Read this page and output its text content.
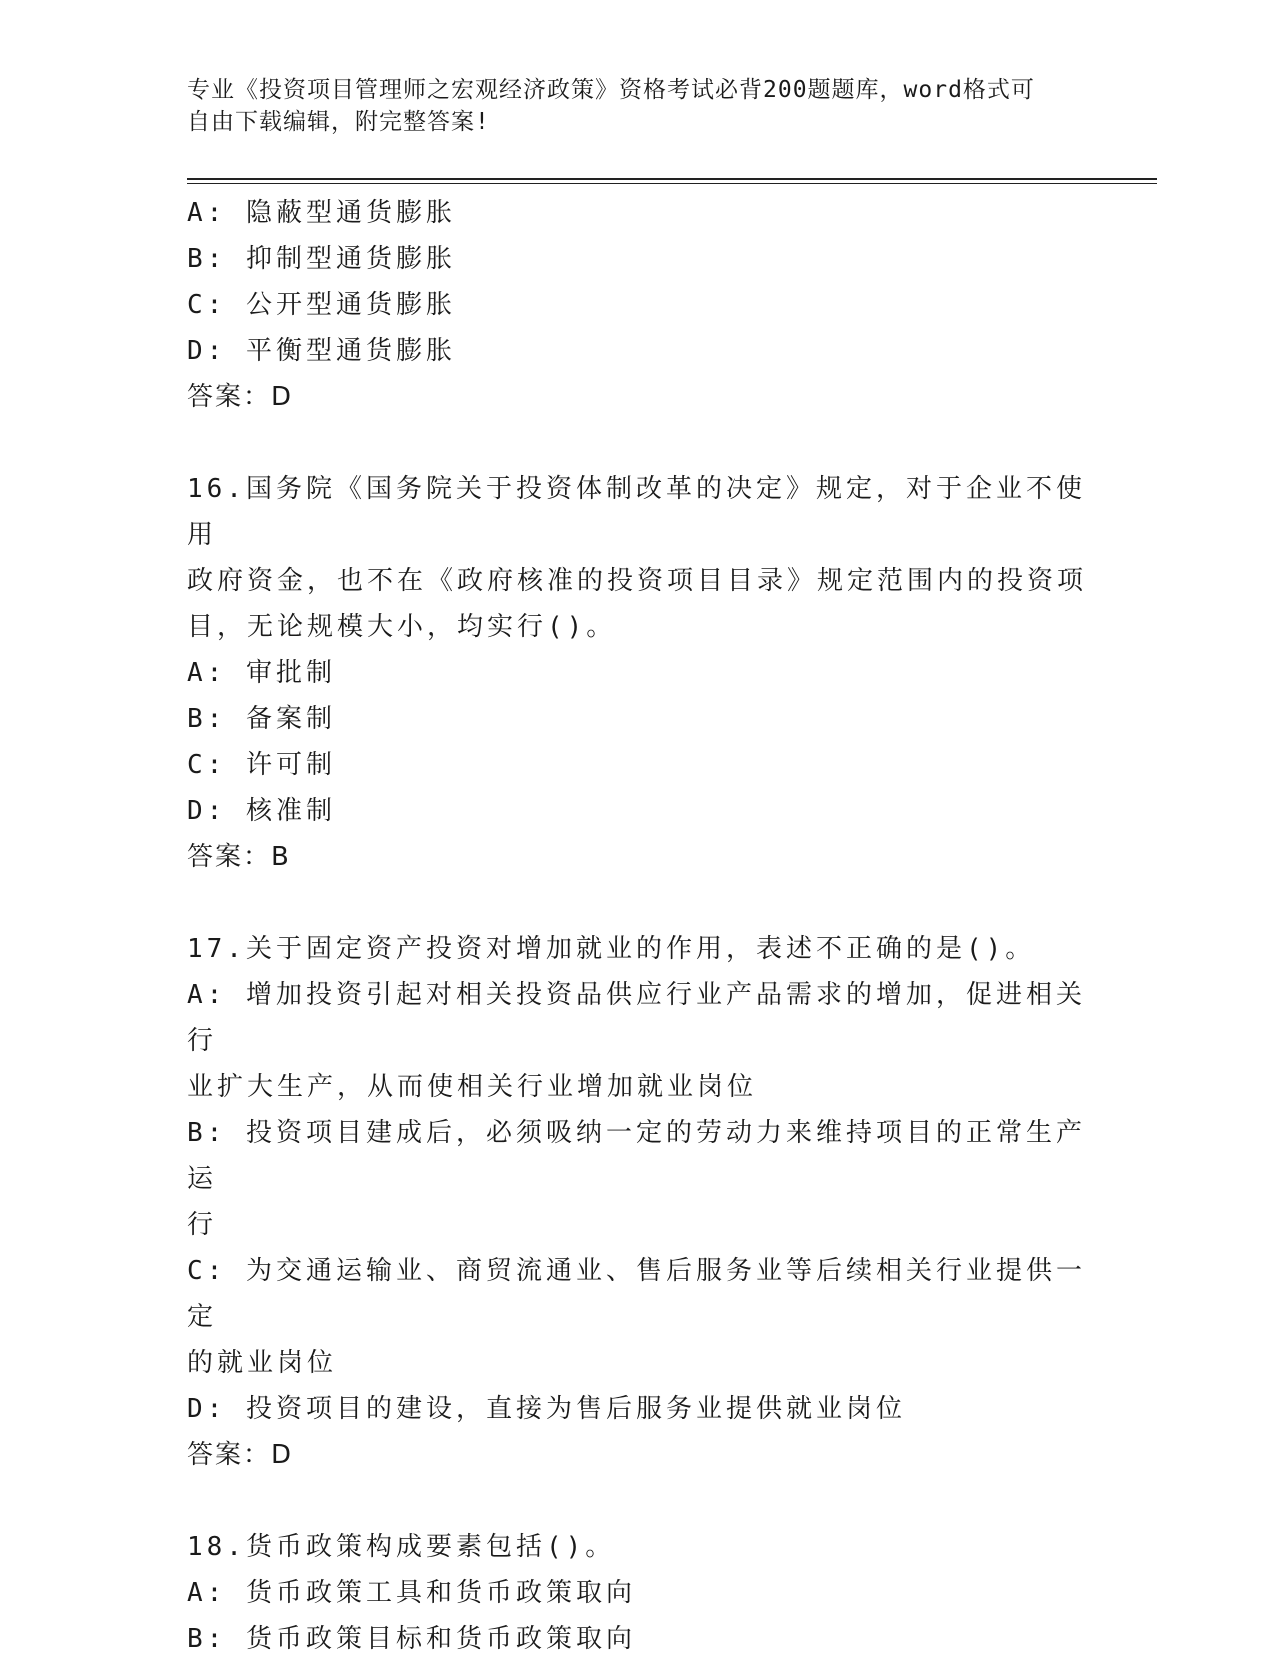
专业《投资项目管理师之宏观经济政策》资格考试必背200题题库，word格式可
自由下载编辑，附完整答案!
A: 隐蔽型通货膨胀
B: 抑制型通货膨胀
C: 公开型通货膨胀
D: 平衡型通货膨胀
答案：D
16.国务院《国务院关于投资体制改革的决定》规定，对于企业不使用
政府资金，也不在《政府核准的投资项目目录》规定范围内的投资项
目，无论规模大小，均实行()。
A: 审批制
B: 备案制
C: 许可制
D: 核准制
答案：B
17.关于固定资产投资对增加就业的作用，表述不正确的是()。
A: 增加投资引起对相关投资品供应行业产品需求的增加，促进相关行
业扩大生产，从而使相关行业增加就业岗位
B: 投资项目建成后，必须吸纳一定的劳动力来维持项目的正常生产运
行
C: 为交通运输业、商贸流通业、售后服务业等后续相关行业提供一定
的就业岗位
D: 投资项目的建设，直接为售后服务业提供就业岗位
答案：D
18.货币政策构成要素包括()。
A: 货币政策工具和货币政策取向
B: 货币政策目标和货币政策取向
